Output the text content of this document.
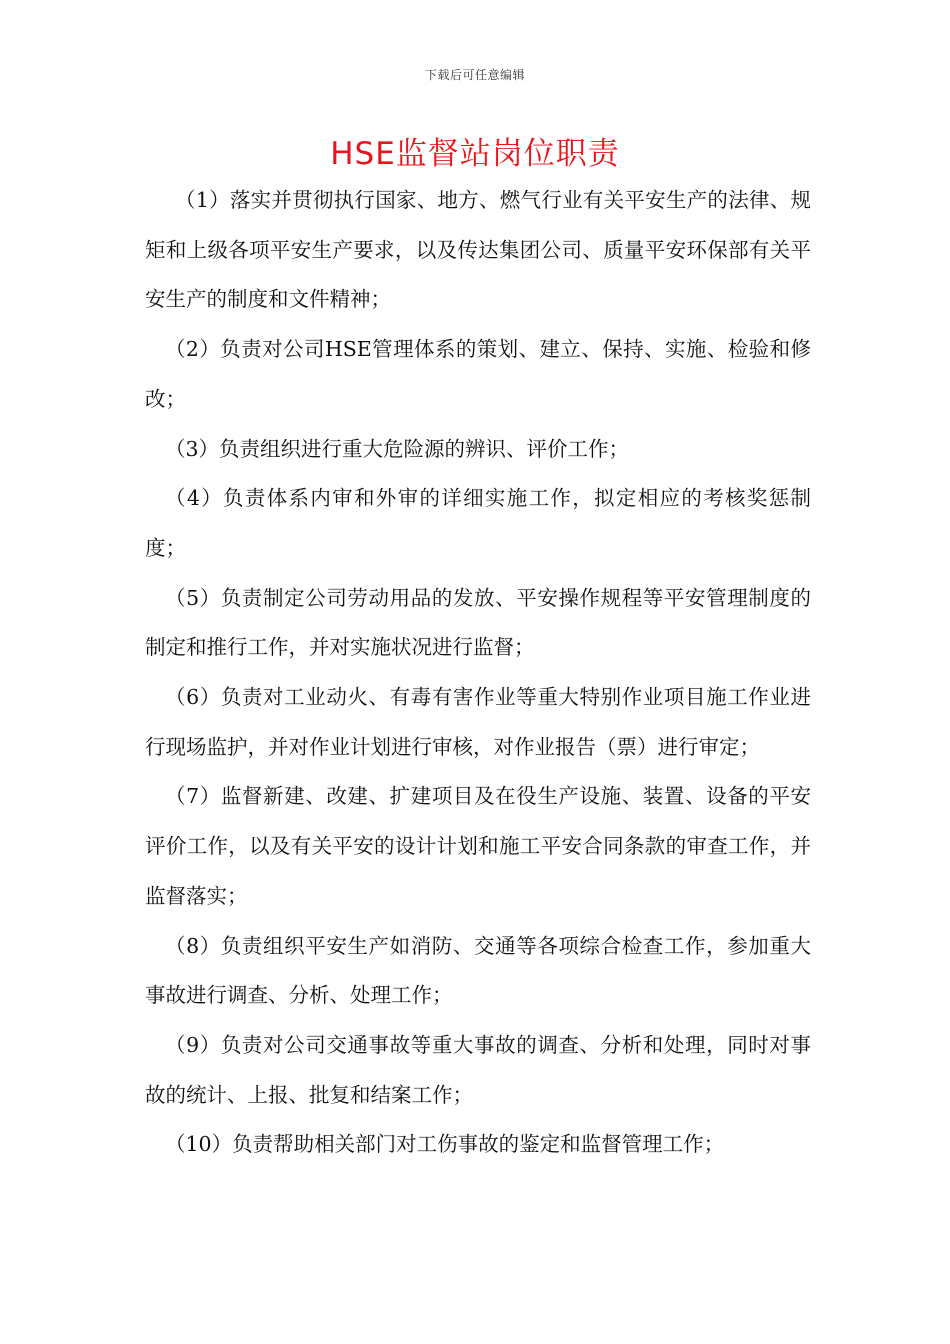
下载后可任意编辑
HSE监督站岗位职责

（1）落实并贯彻执行国家、地方、燃气行业有关平安生产的法律、规矩和上级各项平安生产要求，以及传达集团公司、质量平安环保部有关平安生产的制度和文件精神；

（2）负责对公司HSE管理体系的策划、建立、保持、实施、检验和修改；

（3）负责组织进行重大危险源的辨识、评价工作；

（4）负责体系内审和外审的详细实施工作，拟定相应的考核奖惩制度；

（5）负责制定公司劳动用品的发放、平安操作规程等平安管理制度的制定和推行工作，并对实施状况进行监督；

（6）负责对工业动火、有毒有害作业等重大特别作业项目施工作业进行现场监护，并对作业计划进行审核，对作业报告（票）进行审定；

（7）监督新建、改建、扩建项目及在役生产设施、装置、设备的平安评价工作，以及有关平安的设计计划和施工平安合同条款的审查工作，并监督落实；

（8）负责组织平安生产如消防、交通等各项综合检查工作，参加重大事故进行调查、分析、处理工作；

（9）负责对公司交通事故等重大事故的调查、分析和处理，同时对事故的统计、上报、批复和结案工作；

（10）负责帮助相关部门对工伤事故的鉴定和监督管理工作；
